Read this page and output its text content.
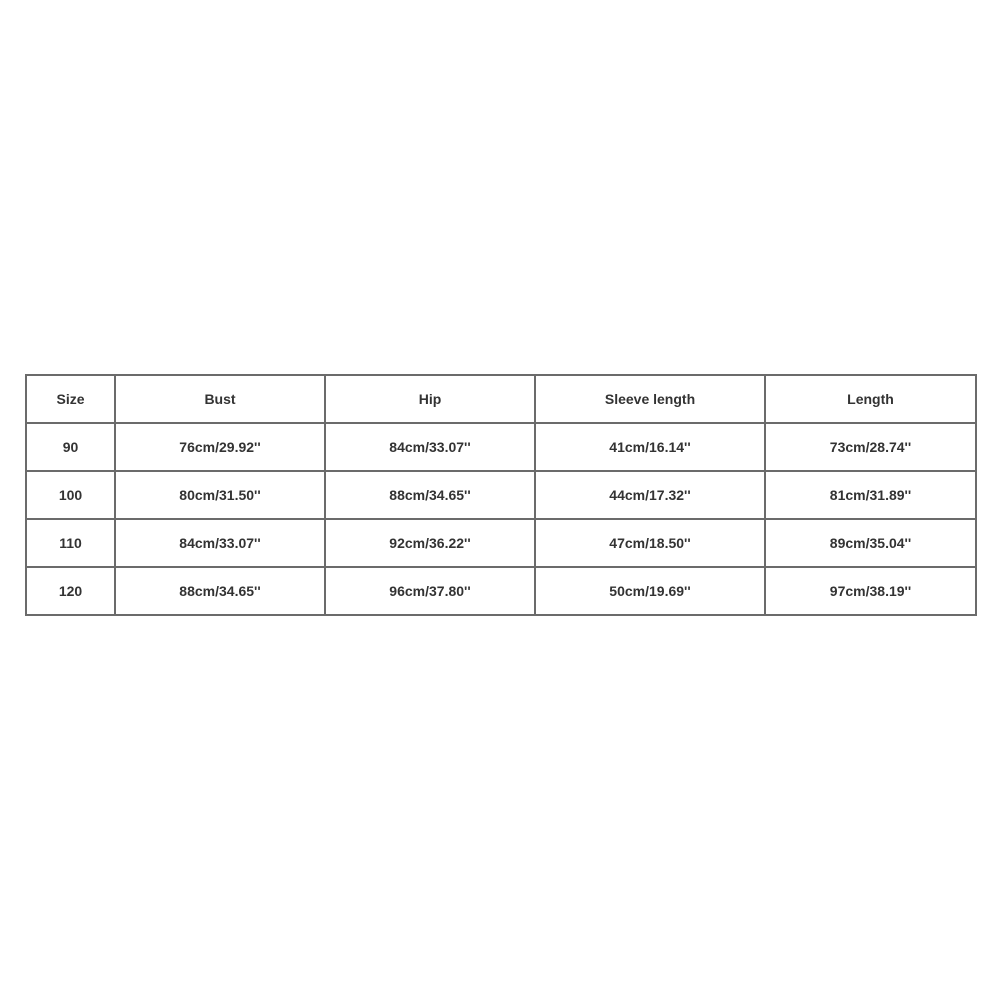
Size	Bust	Hip	Sleeve length	Length
90	76cm/29.92''	84cm/33.07''	41cm/16.14''	73cm/28.74''
100	80cm/31.50''	88cm/34.65''	44cm/17.32''	81cm/31.89''
110	84cm/33.07''	92cm/36.22''	47cm/18.50''	89cm/35.04''
120	88cm/34.65''	96cm/37.80''	50cm/19.69''	97cm/38.19''
